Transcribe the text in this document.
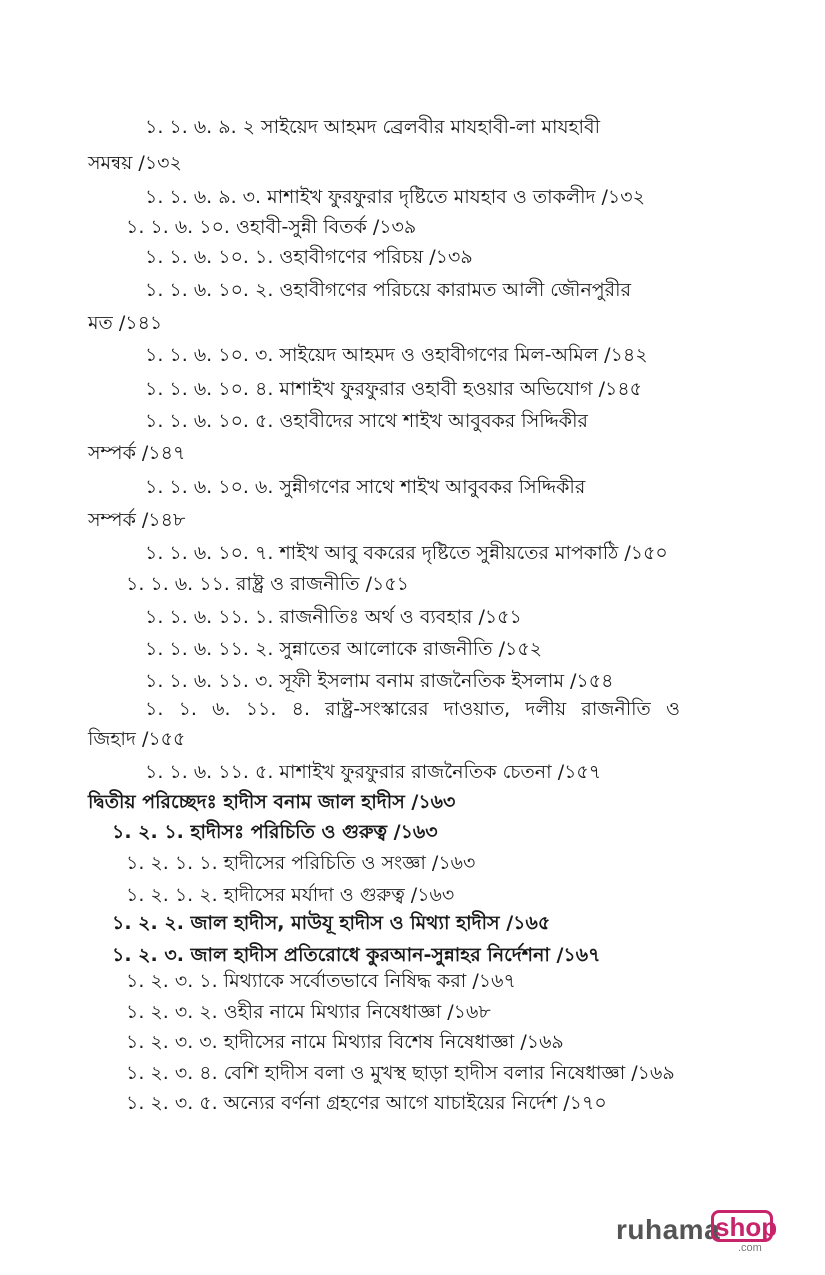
১. ১. ৬. ৯. ২ সাইয়েদ আহমদ ব্রেলবীর মাযহাবী-লা মাযহাবী
সমন্বয় /১৩২
১. ১. ৬. ৯. ৩. মাশাইখ ফুরফুরার দৃষ্টিতে মাযহাব ও তাকলীদ /১৩২
১. ১. ৬. ১০. ওহাবী-সুন্নী বিতর্ক /১৩৯
১. ১. ৬. ১০. ১. ওহাবীগণের পরিচয় /১৩৯
১. ১. ৬. ১০. ২. ওহাবীগণের পরিচয়ে কারামত আলী জৌনপুরীর
মত /১৪১
১. ১. ৬. ১০. ৩. সাইয়েদ আহমদ ও ওহাবীগণের মিল-অমিল /১৪২
১. ১. ৬. ১০. ৪. মাশাইখ ফুরফুরার ওহাবী হওয়ার অভিযোগ /১৪৫
১. ১. ৬. ১০. ৫. ওহাবীদের সাথে শাইখ আবুবকর সিদ্দিকীর
সম্পর্ক /১৪৭
১. ১. ৬. ১০. ৬. সুন্নীগণের সাথে শাইখ আবুবকর সিদ্দিকীর
সম্পর্ক /১৪৮
১. ১. ৬. ১০. ৭. শাইখ আবু বকরের দৃষ্টিতে সুন্নীয়তের মাপকাঠি /১৫০
১. ১. ৬. ১১. রাষ্ট্র ও রাজনীতি /১৫১
১. ১. ৬. ১১. ১. রাজনীতিঃ অর্থ ও ব্যবহার /১৫১
১. ১. ৬. ১১. ২. সুন্নাতের আলোকে রাজনীতি /১৫২
১. ১. ৬. ১১. ৩. সূফী ইসলাম বনাম রাজনৈতিক ইসলাম /১৫৪
১. ১. ৬. ১১. ৪. রাষ্ট্র-সংস্কারের দাওয়াত, দলীয় রাজনীতি ও
জিহাদ /১৫৫
১. ১. ৬. ১১. ৫. মাশাইখ ফুরফুরার রাজনৈতিক চেতনা /১৫৭
দ্বিতীয় পরিচ্ছেদঃ হাদীস বনাম জাল হাদীস /১৬৩
১. ২. ১. হাদীসঃ পরিচিতি ও গুরুত্ব /১৬৩
১. ২. ১. ১. হাদীসের পরিচিতি ও সংজ্ঞা /১৬৩
১. ২. ১. ২. হাদীসের মর্যাদা ও গুরুত্ব /১৬৩
১. ২. ২. জাল হাদীস, মাউযূ হাদীস ও মিথ্যা হাদীস /১৬৫
১. ২. ৩. জাল হাদীস প্রতিরোধে কুরআন-সুন্নাহর নির্দেশনা /১৬৭
১. ২. ৩. ১. মিথ্যাকে সর্বোতভাবে নিষিদ্ধ করা /১৬৭
১. ২. ৩. ২. ওহীর নামে মিথ্যার নিষেধাজ্ঞা /১৬৮
১. ২. ৩. ৩. হাদীসের নামে মিথ্যার বিশেষ নিষেধাজ্ঞা /১৬৯
১. ২. ৩. ৪. বেশি হাদীস বলা ও মুখস্থ ছাড়া হাদীস বলার নিষেধাজ্ঞা /১৬৯
১. ২. ৩. ৫. অন্যের বর্ণনা গ্রহণের আগে যাচাইয়ের নির্দেশ /১৭০
ruhama
shop
.com
